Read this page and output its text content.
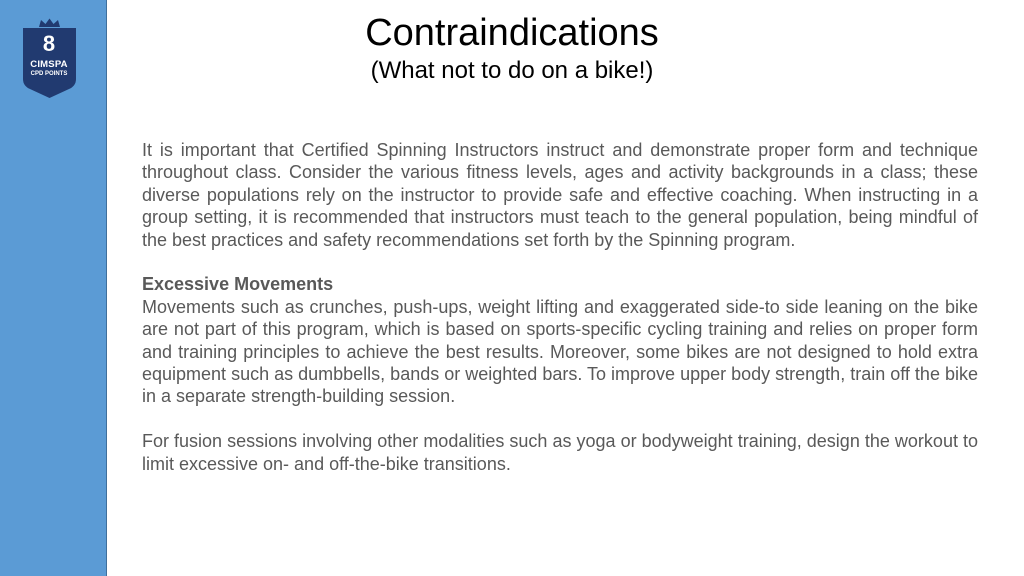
8
CIMSPA
CPD POINTS
Contraindications
(What not to do on a bike!)

It is important that Certified Spinning Instructors instruct and demonstrate proper form and technique throughout class. Consider the various fitness levels, ages and activity backgrounds in a class; these diverse populations rely on the instructor to provide safe and effective coaching. When instructing in a group setting, it is recommended that instructors must teach to the general population, being mindful of the best practices and safety recommendations set forth by the Spinning program.

Excessive Movements

Movements such as crunches, push-ups, weight lifting and exaggerated side-to side leaning on the bike are not part of this program, which is based on sports-specific cycling training and relies on proper form and training principles to achieve the best results. Moreover, some bikes are not designed to hold extra equipment such as dumbbells, bands or weighted bars. To improve upper body strength, train off the bike in a separate strength-building session.

For fusion sessions involving other modalities such as yoga or bodyweight training, design the workout to limit excessive on- and off-the-bike transitions.
